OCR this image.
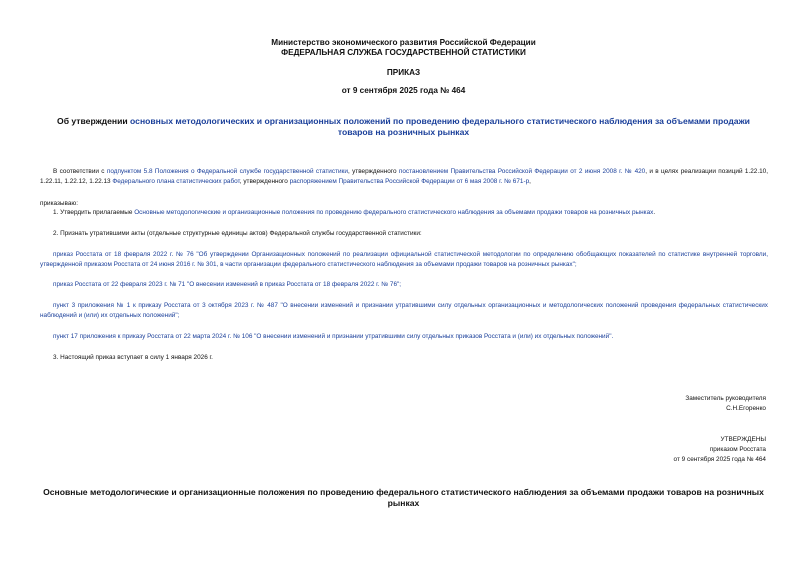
Министерство экономического развития Российской Федерации
ФЕДЕРАЛЬНАЯ СЛУЖБА ГОСУДАРСТВЕННОЙ СТАТИСТИКИ
ПРИКАЗ
от 9 сентября 2025 года № 464
Об утверждении основных методологических и организационных положений по проведению федерального статистического наблюдения за объемами продажи товаров на розничных рынках
В соответствии с подпунктом 5.8 Положения о Федеральной службе государственной статистики, утвержденного постановлением Правительства Российской Федерации от 2 июня 2008 г. № 420, и в целях реализации позиций 1.22.10, 1.22.11, 1.22.12, 1.22.13 Федерального плана статистических работ, утвержденного распоряжением Правительства Российской Федерации от 6 мая 2008 г. № 671-р,
приказываю:
1. Утвердить прилагаемые Основные методологические и организационные положения по проведению федерального статистического наблюдения за объемами продажи товаров на розничных рынках.
2. Признать утратившими акты (отдельные структурные единицы актов) Федеральной службы государственной статистики:
приказ Росстата от 18 февраля 2022 г. № 76 "Об утверждении Организационных положений по реализации официальной статистической методологии по определению обобщающих показателей по статистике внутренней торговли, утвержденной приказом Росстата от 24 июня 2016 г. № 301, в части организации федерального статистического наблюдения за объемами продажи товаров на розничных рынках";
приказ Росстата от 22 февраля 2023 г. № 71 "О внесении изменений в приказ Росстата от 18 февраля 2022 г. № 76";
пункт 3 приложения № 1 к приказу Росстата от 3 октября 2023 г. № 487 "О внесении изменений и признании утратившими силу отдельных организационных и методологических положений проведения федеральных статистических наблюдений и (или) их отдельных положений";
пункт 17 приложения к приказу Росстата от 22 марта 2024 г. № 106 "О внесении изменений и признании утратившими силу отдельных приказов Росстата и (или) их отдельных положений".
3. Настоящий приказ вступает в силу 1 января 2026 г.
Заместитель руководителя
С.Н.Егоренко
УТВЕРЖДЕНЫ
приказом Росстата
от 9 сентября 2025 года № 464
Основные методологические и организационные положения по проведению федерального статистического наблюдения за объемами продажи товаров на розничных рынках
